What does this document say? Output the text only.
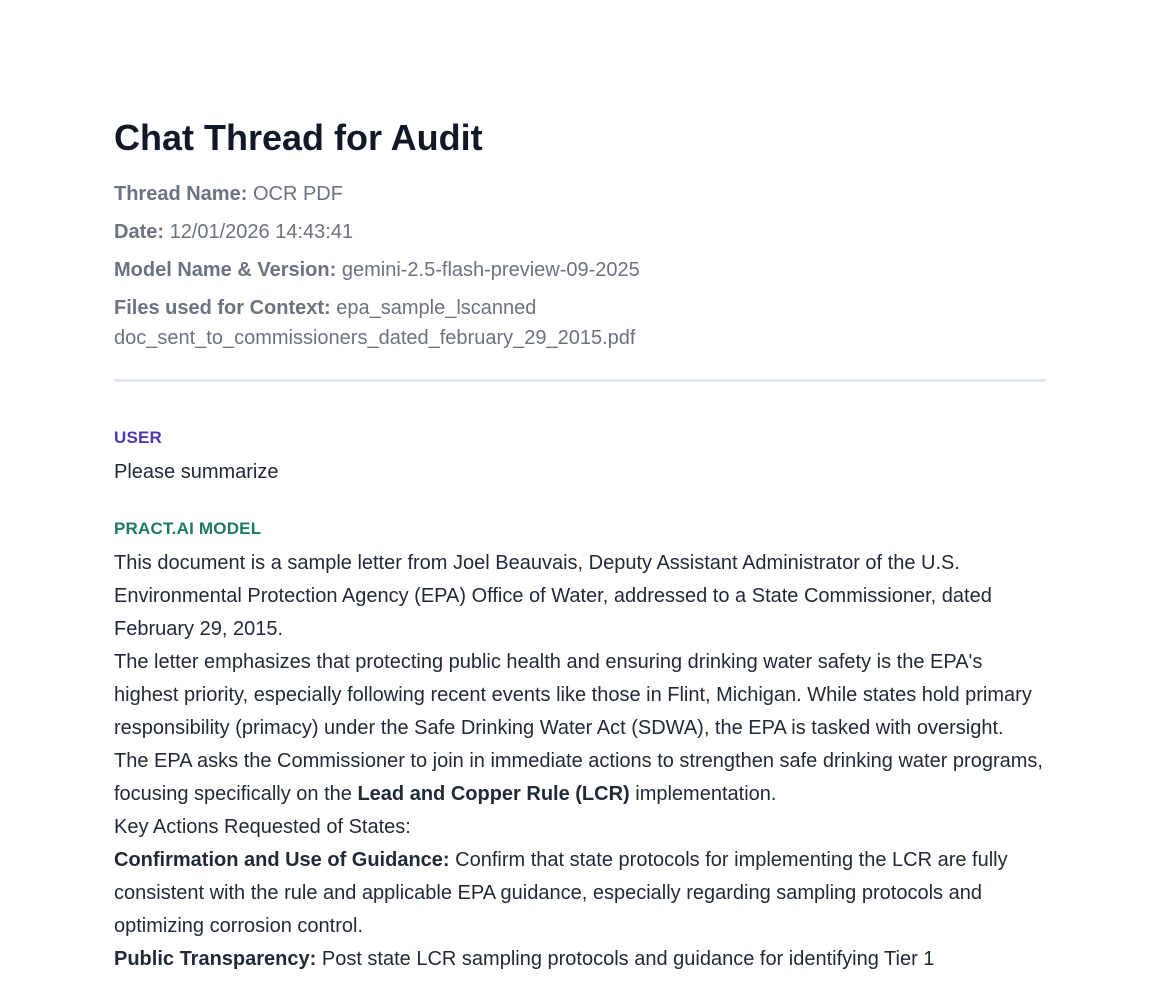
Chat Thread for Audit
Thread Name: OCR PDF
Date: 12/01/2026 14:43:41
Model Name & Version: gemini-2.5-flash-preview-09-2025
Files used for Context: epa_sample_lscanned doc_sent_to_commissioners_dated_february_29_2015.pdf
USER
Please summarize
PRACT.AI MODEL

This document is a sample letter from Joel Beauvais, Deputy Assistant Administrator of the U.S. Environmental Protection Agency (EPA) Office of Water, addressed to a State Commissioner, dated February 29, 2015.

The letter emphasizes that protecting public health and ensuring drinking water safety is the EPA's highest priority, especially following recent events like those in Flint, Michigan. While states hold primary responsibility (primacy) under the Safe Drinking Water Act (SDWA), the EPA is tasked with oversight.

The EPA asks the Commissioner to join in immediate actions to strengthen safe drinking water programs, focusing specifically on the Lead and Copper Rule (LCR) implementation.

Key Actions Requested of States:

Confirmation and Use of Guidance: Confirm that state protocols for implementing the LCR are fully consistent with the rule and applicable EPA guidance, especially regarding sampling protocols and optimizing corrosion control.

Public Transparency: Post state LCR sampling protocols and guidance for identifying Tier 1
